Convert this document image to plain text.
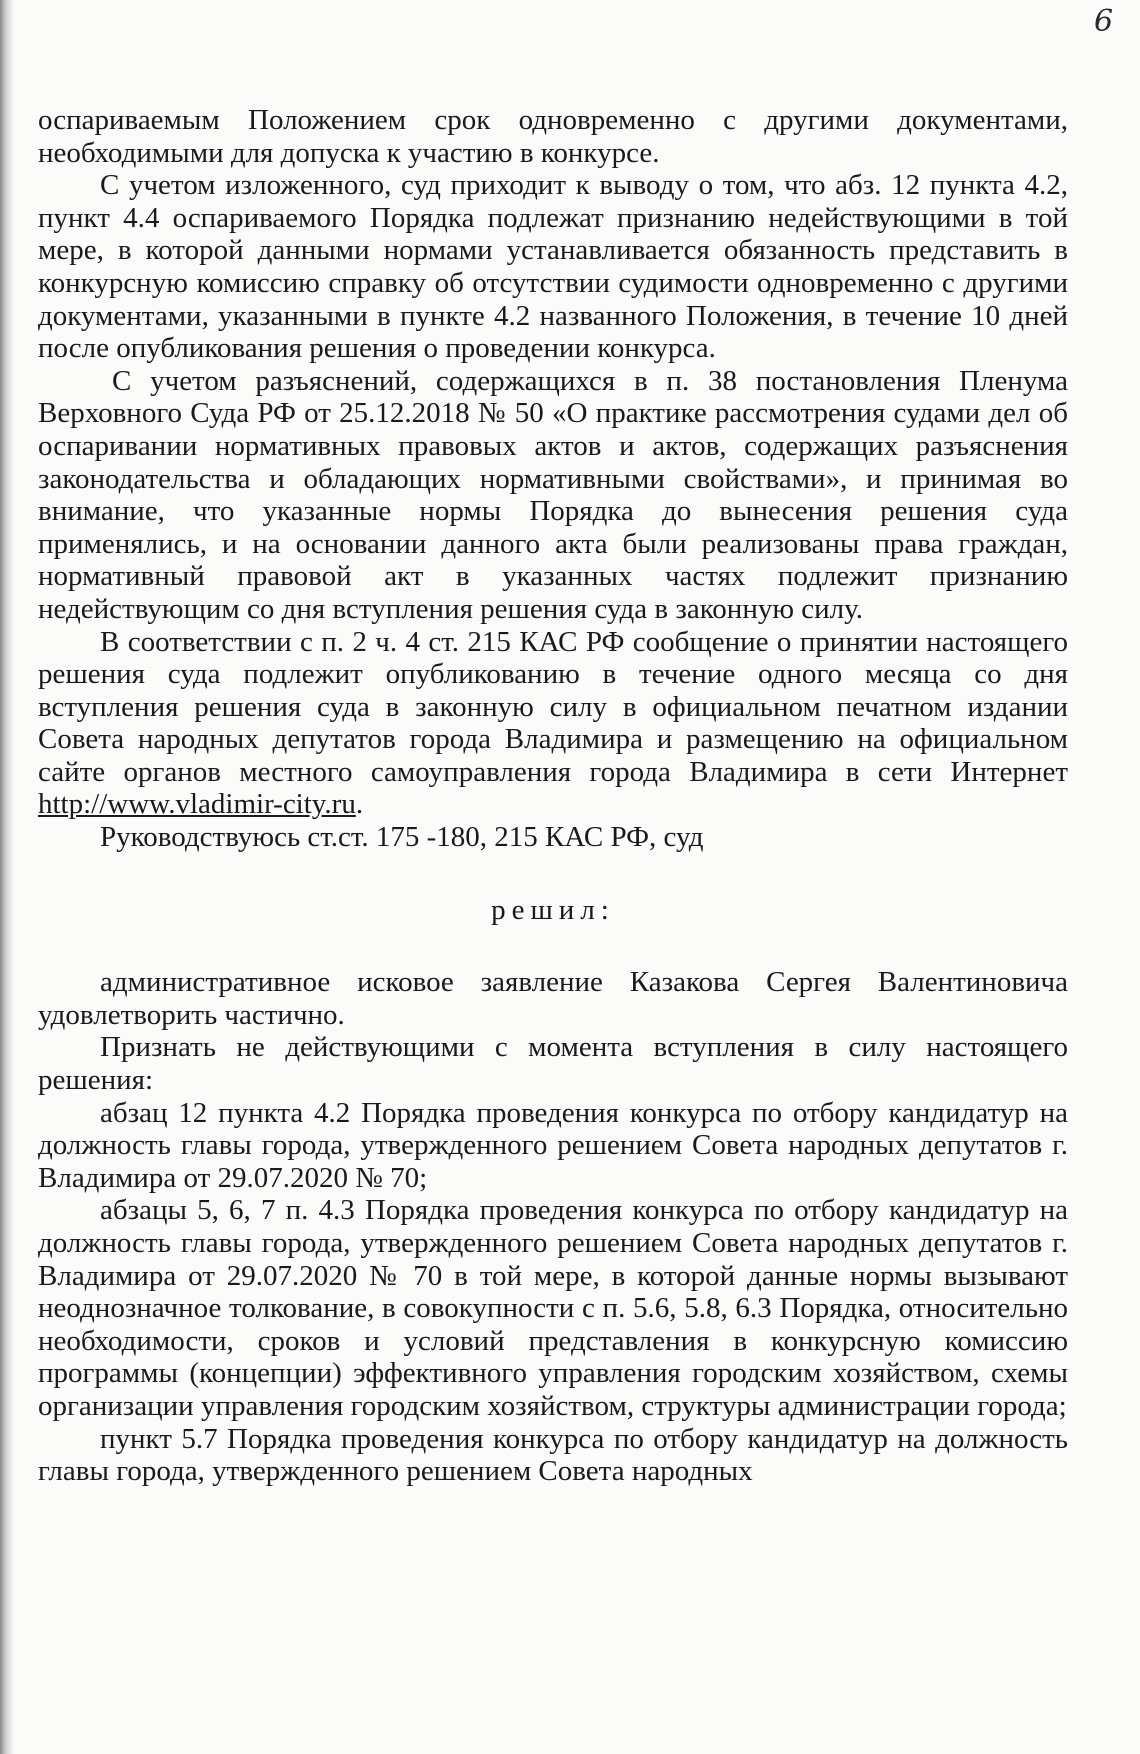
6

оспариваемым Положением срок одновременно с другими документами, необходимыми для допуска к участию в конкурсе.

С учетом изложенного, суд приходит к выводу о том, что абз. 12 пункта 4.2, пункт 4.4 оспариваемого Порядка подлежат признанию недействующими в той мере, в которой данными нормами устанавливается обязанность представить в конкурсную комиссию справку об отсутствии судимости одновременно с другими документами, указанными в пункте 4.2 названного Положения, в течение 10 дней после опубликования решения о проведении конкурса.

С учетом разъяснений, содержащихся в п. 38 постановления Пленума Верховного Суда РФ от 25.12.2018 № 50 «О практике рассмотрения судами дел об оспаривании нормативных правовых актов и актов, содержащих разъяснения законодательства и обладающих нормативными свойствами», и принимая во внимание, что указанные нормы Порядка до вынесения решения суда применялись, и на основании данного акта были реализованы права граждан, нормативный правовой акт в указанных частях подлежит признанию недействующим со дня вступления решения суда в законную силу.

В соответствии с п. 2 ч. 4 ст. 215 КАС РФ сообщение о принятии настоящего решения суда подлежит опубликованию в течение одного месяца со дня вступления решения суда в законную силу в официальном печатном издании Совета народных депутатов города Владимира и размещению на официальном сайте органов местного самоуправления города Владимира в сети Интернет http://www.vladimir-city.ru.

Руководствуюсь ст.ст. 175 -180, 215 КАС РФ, суд

решил:

административное исковое заявление Казакова Сергея Валентиновича удовлетворить частично.

Признать не действующими с момента вступления в силу настоящего решения:

абзац 12 пункта 4.2 Порядка проведения конкурса по отбору кандидатур на должность главы города, утвержденного решением Совета народных депутатов г. Владимира от 29.07.2020 № 70;

абзацы 5, 6, 7 п. 4.3 Порядка проведения конкурса по отбору кандидатур на должность главы города, утвержденного решением Совета народных депутатов г. Владимира от 29.07.2020 № 70 в той мере, в которой данные нормы вызывают неоднозначное толкование, в совокупности с п. 5.6, 5.8, 6.3 Порядка, относительно необходимости, сроков и условий представления в конкурсную комиссию программы (концепции) эффективного управления городским хозяйством, схемы организации управления городским хозяйством, структуры администрации города;

пункт 5.7 Порядка проведения конкурса по отбору кандидатур на должность главы города, утвержденного решением Совета народных
